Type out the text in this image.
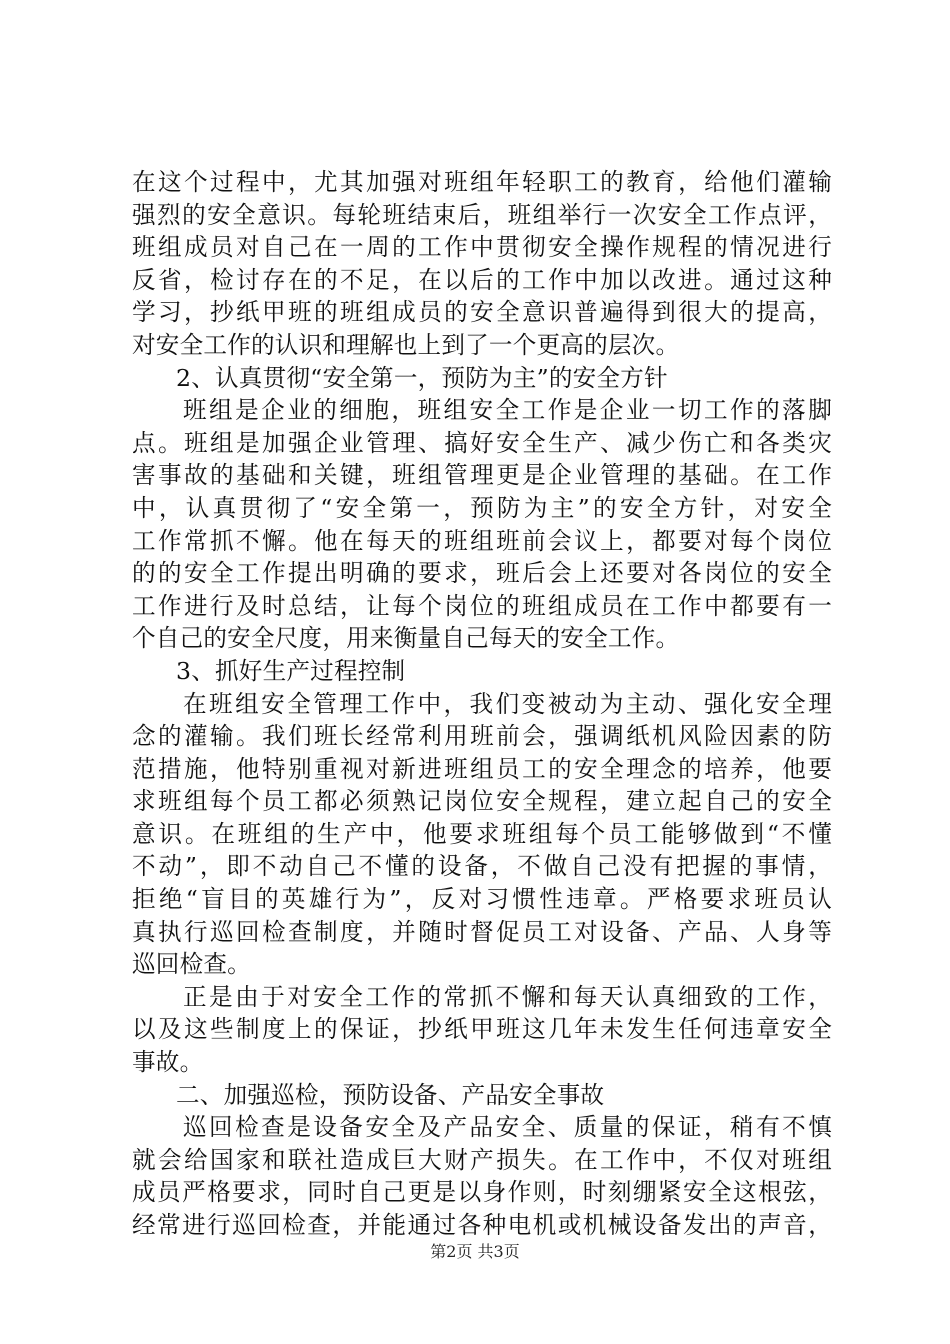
在这个过程中，尤其加强对班组年轻职工的教育，给他们灌输
强烈的安全意识。每轮班结束后，班组举行一次安全工作点评，
班组成员对自己在一周的工作中贯彻安全操作规程的情况进行
反省，检讨存在的不足，在以后的工作中加以改进。通过这种
学习，抄纸甲班的班组成员的安全意识普遍得到很大的提高，
对安全工作的认识和理解也上到了一个更高的层次。
2、认真贯彻“安全第一，预防为主”的安全方针
班组是企业的细胞，班组安全工作是企业一切工作的落脚
点。班组是加强企业管理、搞好安全生产、减少伤亡和各类灾
害事故的基础和关键，班组管理更是企业管理的基础。在工作
中，认真贯彻了“安全第一，预防为主”的安全方针，对安全
工作常抓不懈。他在每天的班组班前会议上，都要对每个岗位
的的安全工作提出明确的要求，班后会上还要对各岗位的安全
工作进行及时总结，让每个岗位的班组成员在工作中都要有一
个自己的安全尺度，用来衡量自己每天的安全工作。
3、抓好生产过程控制
在班组安全管理工作中，我们变被动为主动、强化安全理
念的灌输。我们班长经常利用班前会，强调纸机风险因素的防
范措施，他特别重视对新进班组员工的安全理念的培养，他要
求班组每个员工都必须熟记岗位安全规程，建立起自己的安全
意识。在班组的生产中，他要求班组每个员工能够做到“不懂
不动”，即不动自己不懂的设备，不做自己没有把握的事情，
拒绝“盲目的英雄行为”，反对习惯性违章。严格要求班员认
真执行巡回检查制度，并随时督促员工对设备、产品、人身等
巡回检查。
正是由于对安全工作的常抓不懈和每天认真细致的工作，
以及这些制度上的保证，抄纸甲班这几年未发生任何违章安全
事故。
二、加强巡检，预防设备、产品安全事故
巡回检查是设备安全及产品安全、质量的保证，稍有不慎
就会给国家和联社造成巨大财产损失。在工作中，不仅对班组
成员严格要求，同时自己更是以身作则，时刻绷紧安全这根弦，
经常进行巡回检查，并能通过各种电机或机械设备发出的声音，
第2页 共3页
